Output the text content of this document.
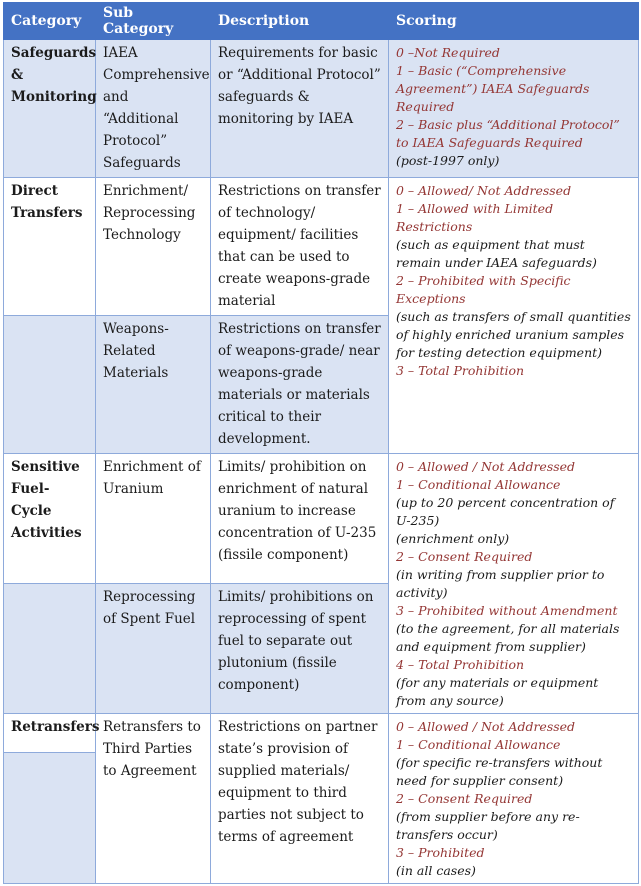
Category	Sub Category	Description	Scoring
Safeguards & Monitoring	IAEA Comprehensive and “Additional Protocol” Safeguards	Requirements for basic or “Additional Protocol” safeguards & monitoring by IAEA	0 –Not Required
1 – Basic (“Comprehensive Agreement”) IAEA Safeguards Required
2 – Basic plus “Additional Protocol” to IAEA Safeguards Required
(post-1997 only)

Direct Transfers	Enrichment/ Reprocessing Technology	Restrictions on transfer of technology/ equipment/ facilities that can be used to create weapons-grade material	
0 – Allowed/ Not Addressed
1 – Allowed with Limited Restrictions
(such as equipment that must remain under IAEA safeguards)
2 – Prohibited with Specific Exceptions
(such as transfers of small quantities of highly enriched uranium samples for testing detection equipment)
3 – Total Prohibition

	Weapons-Related Materials	Restrictions on transfer of weapons-grade/ near weapons-grade materials or materials critical to their development.	
Sensitive Fuel-Cycle Activities	Enrichment of Uranium	Limits/ prohibition on enrichment of natural uranium to increase concentration of U-235 (fissile component)	
0 – Allowed / Not Addressed
1 – Conditional Allowance
(up to 20 percent concentration of U-235)
(enrichment only)
2 – Consent Required
(in writing from supplier prior to activity)
3 – Prohibited without Amendment
(to the agreement, for all materials and equipment from supplier)
4 – Total Prohibition
(for any materials or equipment from any source)

	Reprocessing of Spent Fuel	Limits/ prohibitions on reprocessing of spent fuel to separate out plutonium (fissile component)	
Retransfers	Retransfers to Third Parties to Agreement	Restrictions on partner state’s provision of supplied materials/ equipment to third parties not subject to terms of agreement	
0 – Allowed / Not Addressed
1 – Conditional Allowance
(for specific re-transfers without need for supplier consent)
2 – Consent Required
(from supplier before any re-transfers occur)
3 – Prohibited
(in all cases)
